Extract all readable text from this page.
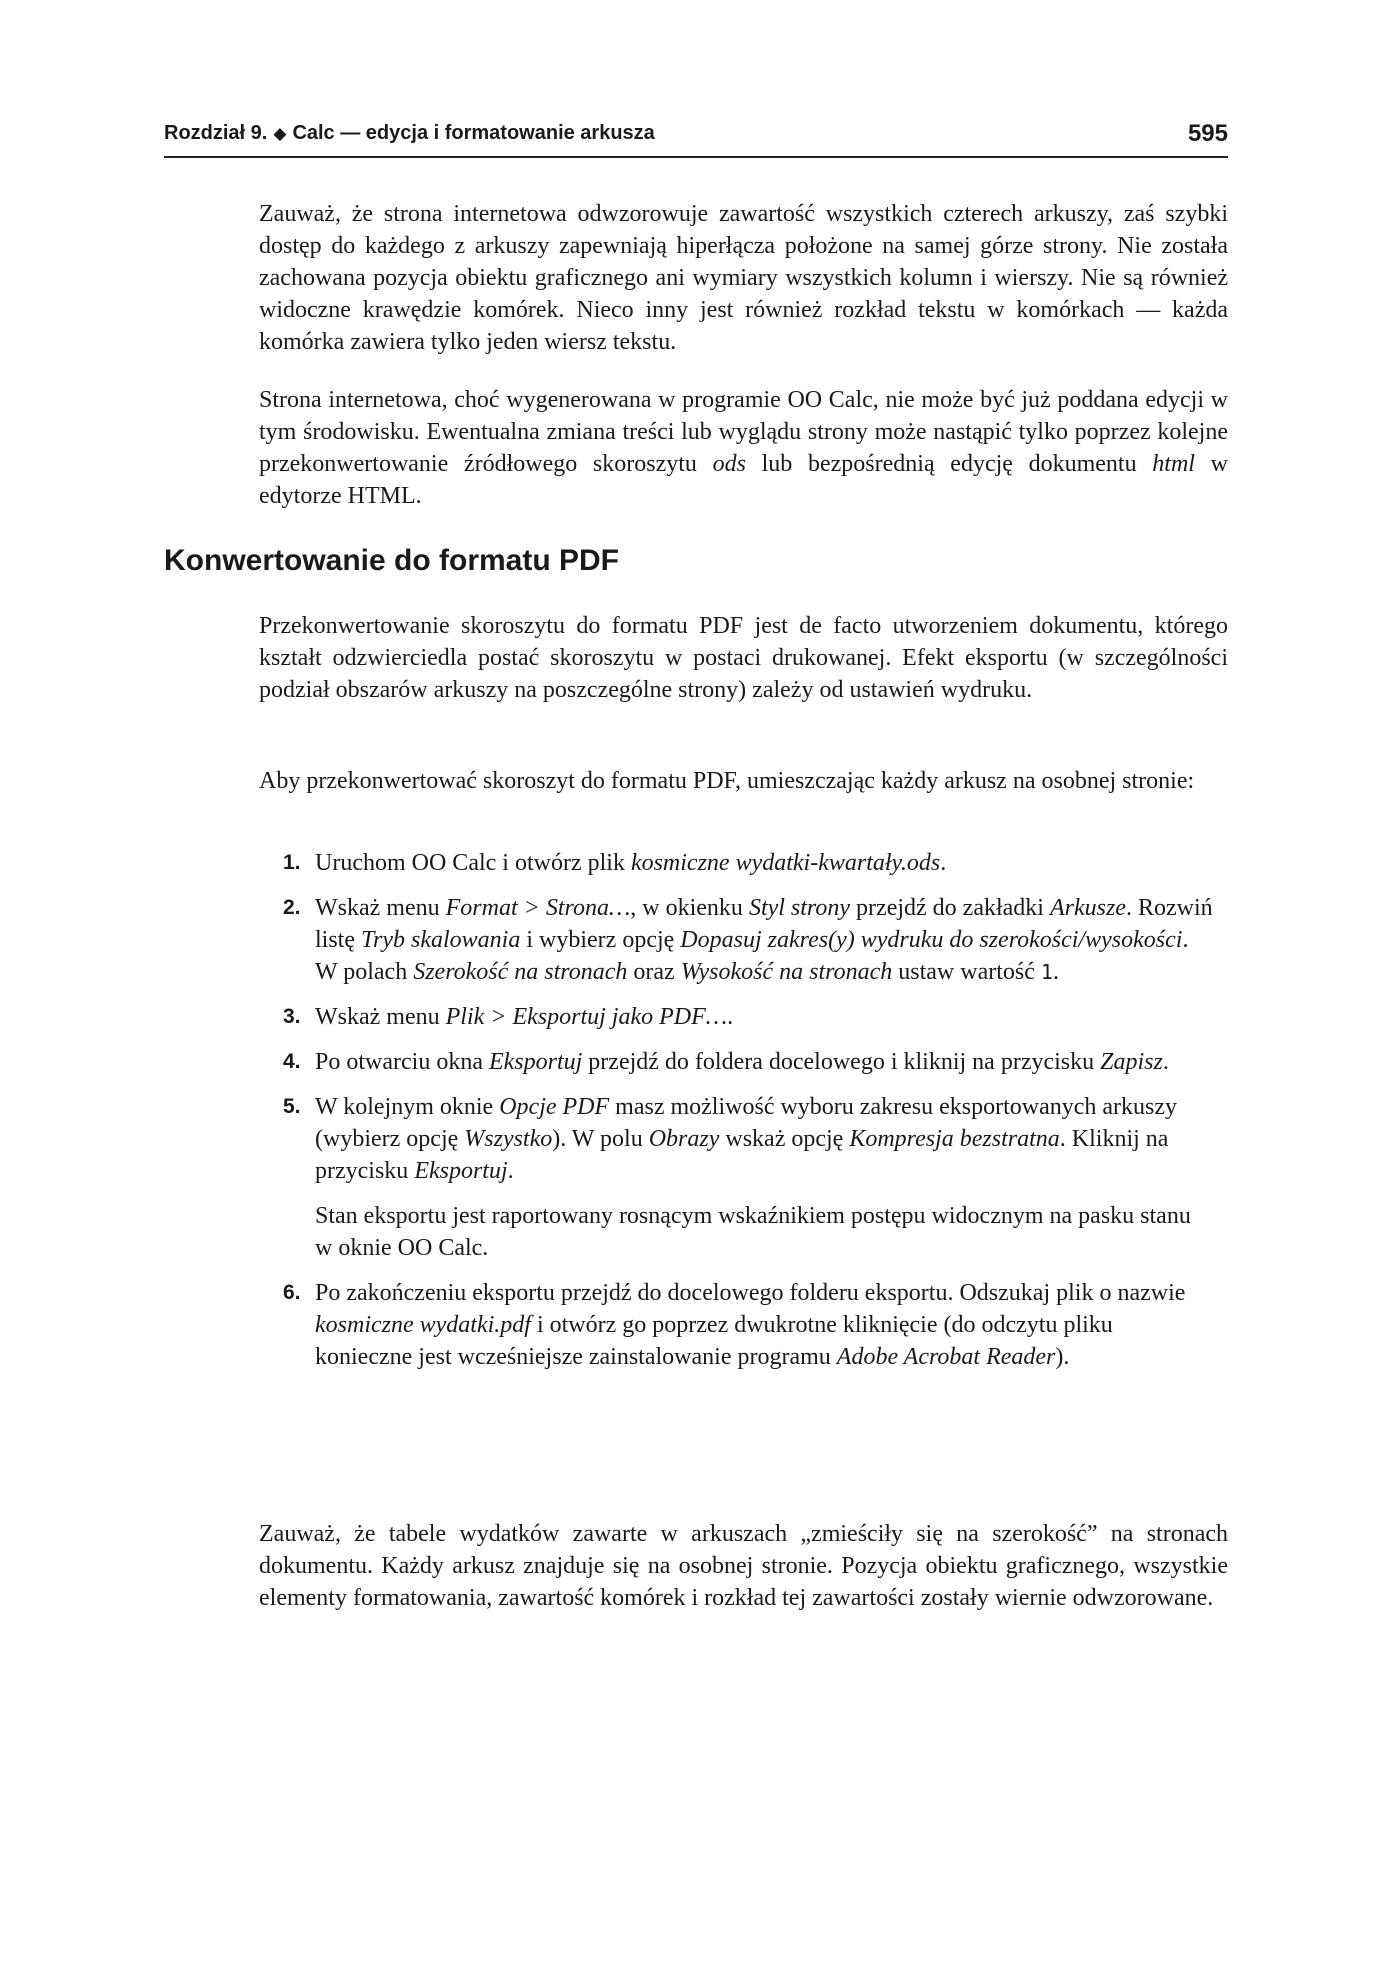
Rozdział 9. ◆ Calc — edycja i formatowanie arkusza	595

Zauważ, że strona internetowa odwzorowuje zawartość wszystkich czterech arkuszy, zaś szybki dostęp do każdego z arkuszy zapewniają hiperłącza położone na samej górze strony. Nie została zachowana pozycja obiektu graficznego ani wymiary wszystkich kolumn i wierszy. Nie są również widoczne krawędzie komórek. Nieco inny jest również rozkład tekstu w komórkach — każda komórka zawiera tylko jeden wiersz tekstu.

Strona internetowa, choć wygenerowana w programie OO Calc, nie może być już poddana edycji w tym środowisku. Ewentualna zmiana treści lub wyglądu strony może nastąpić tylko poprzez kolejne przekonwertowanie źródłowego skoroszytu ods lub bezpośrednią edycję dokumentu html w edytorze HTML.

Konwertowanie do formatu PDF

Przekonwertowanie skoroszytu do formatu PDF jest de facto utworzeniem dokumentu, którego kształt odzwierciedla postać skoroszytu w postaci drukowanej. Efekt eksportu (w szczególności podział obszarów arkuszy na poszczególne strony) zależy od ustawień wydruku.

Aby przekonwertować skoroszyt do formatu PDF, umieszczając każdy arkusz na osobnej stronie:

1. Uruchom OO Calc i otwórz plik kosmiczne wydatki-kwartały.ods.
2. Wskaż menu Format > Strona…, w okienku Styl strony przejdź do zakładki Arkusze. Rozwiń listę Tryb skalowania i wybierz opcję Dopasuj zakres(y) wydruku do szerokości/wysokości. W polach Szerokość na stronach oraz Wysokość na stronach ustaw wartość 1.
3. Wskaż menu Plik > Eksportuj jako PDF….
4. Po otwarciu okna Eksportuj przejdź do foldera docelowego i kliknij na przycisku Zapisz.
5. W kolejnym oknie Opcje PDF masz możliwość wyboru zakresu eksportowanych arkuszy (wybierz opcję Wszystko). W polu Obrazy wskaż opcję Kompresja bezstratna. Kliknij na przycisku Eksportuj.
Stan eksportu jest raportowany rosnącym wskaźnikiem postępu widocznym na pasku stanu w oknie OO Calc.
6. Po zakończeniu eksportu przejdź do docelowego folderu eksportu. Odszukaj plik o nazwie kosmiczne wydatki.pdf i otwórz go poprzez dwukrotne kliknięcie (do odczytu pliku konieczne jest wcześniejsze zainstalowanie programu Adobe Acrobat Reader).

Zauważ, że tabele wydatków zawarte w arkuszach „zmieściły się na szerokość” na stronach dokumentu. Każdy arkusz znajduje się na osobnej stronie. Pozycja obiektu graficznego, wszystkie elementy formatowania, zawartość komórek i rozkład tej zawartości zostały wiernie odwzorowane.
